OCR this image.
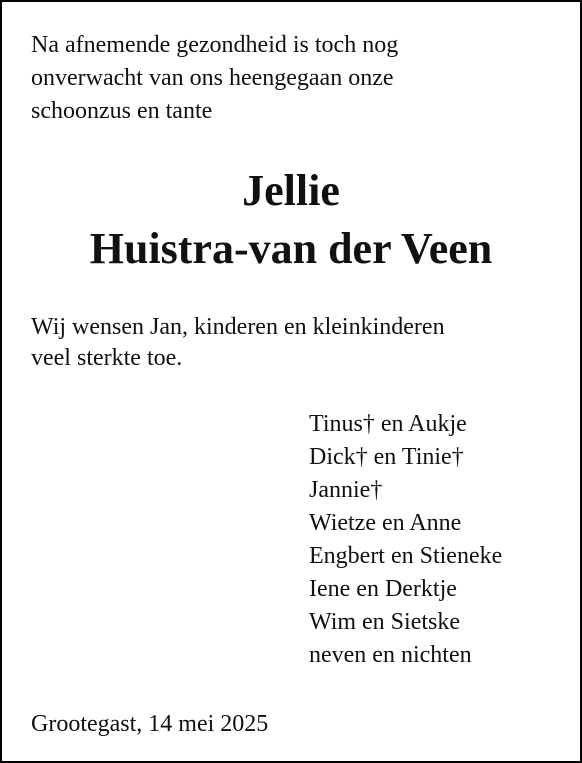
Na afnemende gezondheid is toch nog
onverwacht van ons heengegaan onze
schoonzus en tante
Jellie
Huistra-van der Veen
Wij wensen Jan, kinderen en kleinkinderen
veel sterkte toe.
Tinus† en Aukje
Dick† en Tinie†
Jannie†
Wietze en Anne
Engbert en Stieneke
Iene en Derktje
Wim en Sietske
neven en nichten
Grootegast, 14 mei 2025
